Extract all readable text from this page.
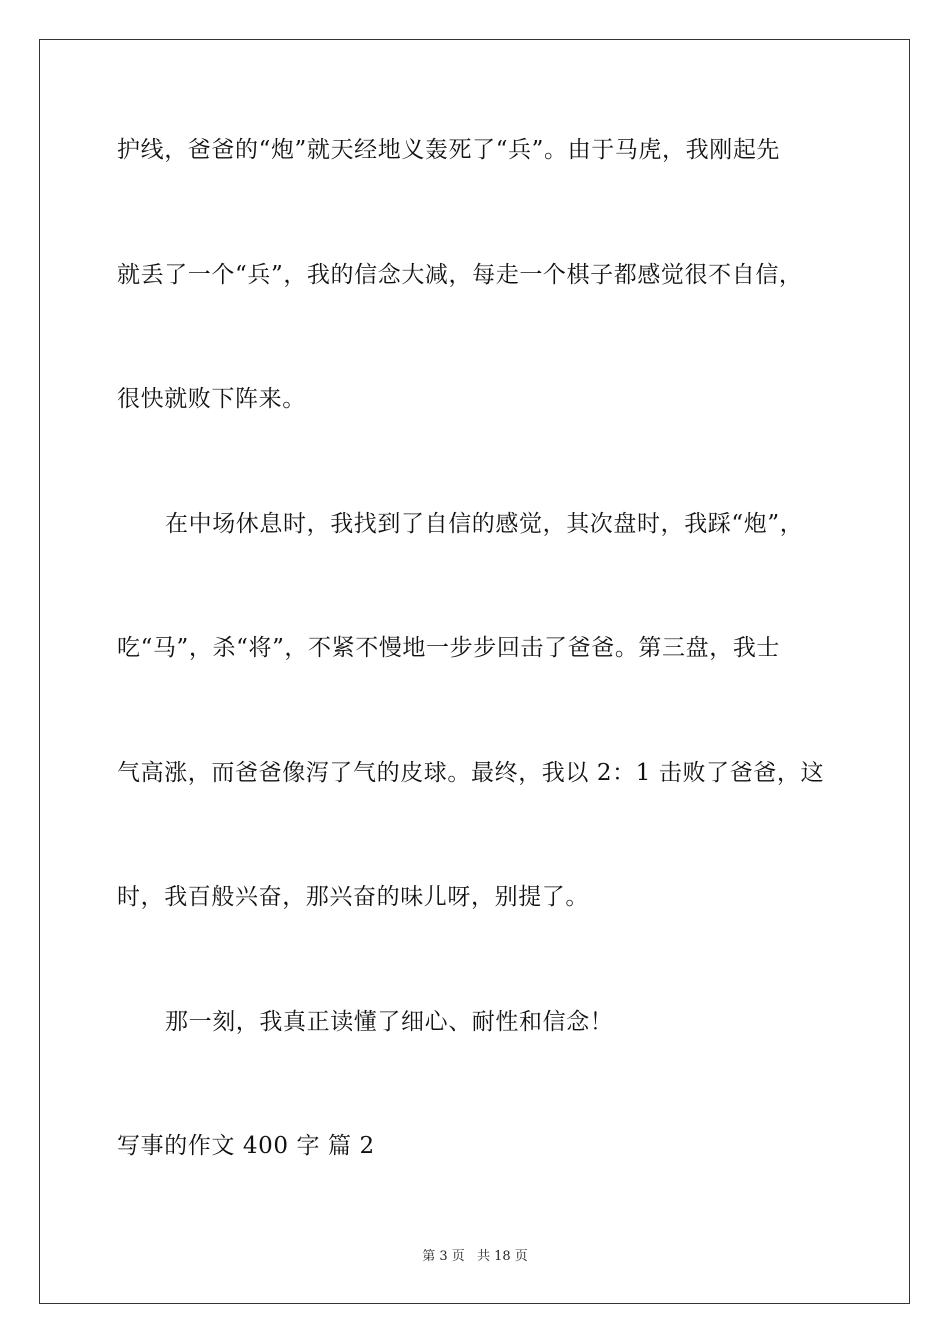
护线，爸爸的“炮”就天经地义轰死了“兵”。由于马虎，我刚起先
就丢了一个“兵”，我的信念大减，每走一个棋子都感觉很不自信，
很快就败下阵来。
在中场休息时，我找到了自信的感觉，其次盘时，我踩“炮”，
吃“马”，杀“将”，不紧不慢地一步步回击了爸爸。第三盘，我士
气高涨，而爸爸像泻了气的皮球。最终，我以 2：1 击败了爸爸，这
时，我百般兴奋，那兴奋的味儿呀，别提了。
那一刻，我真正读懂了细心、耐性和信念！
写事的作文 400 字 篇 2
第 3 页 共 18 页
